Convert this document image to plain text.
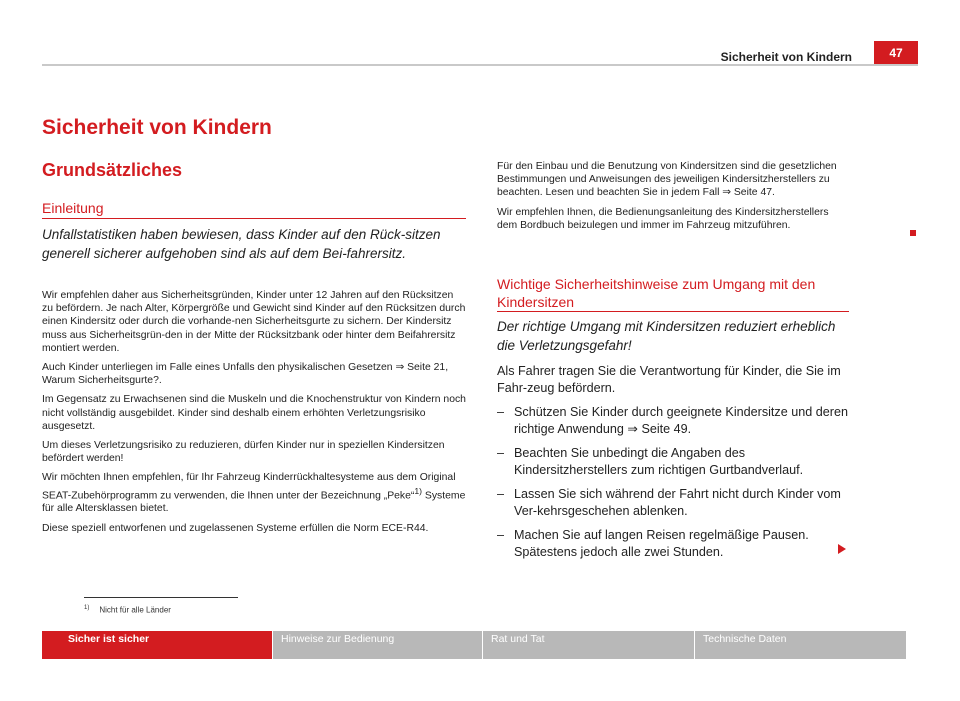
Sicherheit von Kindern	47
Sicherheit von Kindern
Grundsätzliches
Einleitung
Unfallstatistiken haben bewiesen, dass Kinder auf den Rück-sitzen generell sicherer aufgehoben sind als auf dem Bei-fahrersitz.

Wir empfehlen daher aus Sicherheitsgründen, Kinder unter 12 Jahren auf den Rücksitzen zu befördern. Je nach Alter, Körpergröße und Gewicht sind Kinder auf den Rücksitzen durch einen Kindersitz oder durch die vorhande-nen Sicherheitsgurte zu sichern. Der Kindersitz muss aus Sicherheitsgrün-den in der Mitte der Rücksitzbank oder hinter dem Beifahrersitz montiert werden.

Auch Kinder unterliegen im Falle eines Unfalls den physikalischen Gesetzen ⇒ Seite 21, Warum Sicherheitsgurte?.

Im Gegensatz zu Erwachsenen sind die Muskeln und die Knochenstruktur von Kindern noch nicht vollständig ausgebildet. Kinder sind deshalb einem erhöhten Verletzungsrisiko ausgesetzt.

Um dieses Verletzungsrisiko zu reduzieren, dürfen Kinder nur in speziellen Kindersitzen befördert werden!

Wir möchten Ihnen empfehlen, für Ihr Fahrzeug Kinderrückhaltesysteme aus dem Original SEAT-Zubehörprogramm zu verwenden, die Ihnen unter der Bezeichnung „Peke“$^{1)}$ Systeme für alle Altersklassen bietet.

Diese speziell entworfenen und zugelassenen Systeme erfüllen die Norm ECE-R44.

Für den Einbau und die Benutzung von Kindersitzen sind die gesetzlichen Bestimmungen und Anweisungen des jeweiligen Kindersitzherstellers zu beachten. Lesen und beachten Sie in jedem Fall ⇒ Seite 47.

Wir empfehlen Ihnen, die Bedienungsanleitung des Kindersitzherstellers dem Bordbuch beizulegen und immer im Fahrzeug mitzuführen.

Wichtige Sicherheitshinweise zum Umgang mit den Kindersitzen
Der richtige Umgang mit Kindersitzen reduziert erheblich die Verletzungsgefahr!
Als Fahrer tragen Sie die Verantwortung für Kinder, die Sie im Fahr-zeug befördern.
– Schützen Sie Kinder durch geeignete Kindersitze und deren richtige Anwendung ⇒ Seite 49.
– Beachten Sie unbedingt die Angaben des Kindersitzherstellers zum richtigen Gurtbandverlauf.
– Lassen Sie sich während der Fahrt nicht durch Kinder vom Ver-kehrsgeschehen ablenken.
– Machen Sie auf langen Reisen regelmäßige Pausen. Spätestens jedoch alle zwei Stunden.
$^{1)}$ Nicht für alle Länder
Sicher ist sicher	Hinweise zur Bedienung	Rat und Tat	Technische Daten
